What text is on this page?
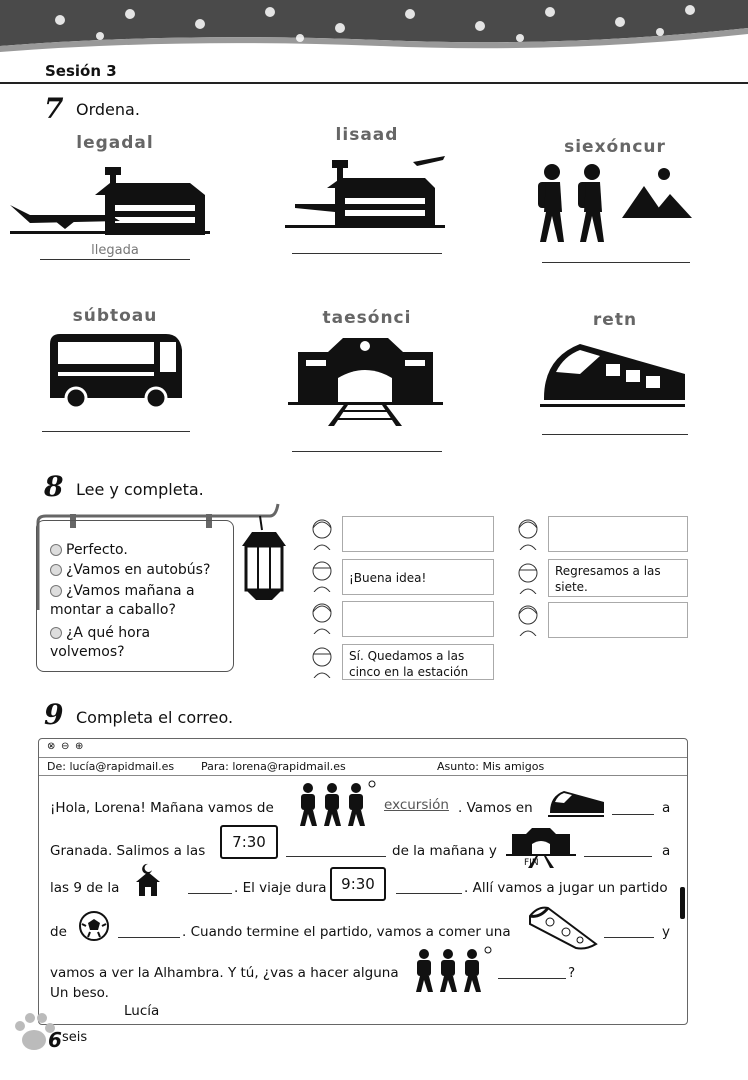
Sesión 3
7 Ordena.
legadal
llegada
lisaad
siexóncur
súbtoau	taesónci	retn
8 Lee y completa.
Perfecto.
¿Vamos en autobús?
¿Vamos mañana a montar a caballo?
¿A qué hora volvemos?
¡Buena idea!
Sí. Quedamos a las cinco en la estación
Regresamos a las siete.
9 Completa el correo.
⊗ ⊖ ⊕
De: lucía@rapidmail.es Para: lorena@rapidmail.es	Asunto: Mis amigos
¡Hola, Lorena! Mañana vamos de	excursión . Vamos en	a
Granada. Salimos a las	7:30	de la mañana y
FIN
a
las 9 de la	. El viaje dura 9:30	. Allí vamos a jugar un partido
de	. Cuando termine el partido, vamos a comer una	y
vamos a ver la Alhambra. Y tú, ¿vas a hacer alguna	?
Un beso.
Lucía
6 seis
